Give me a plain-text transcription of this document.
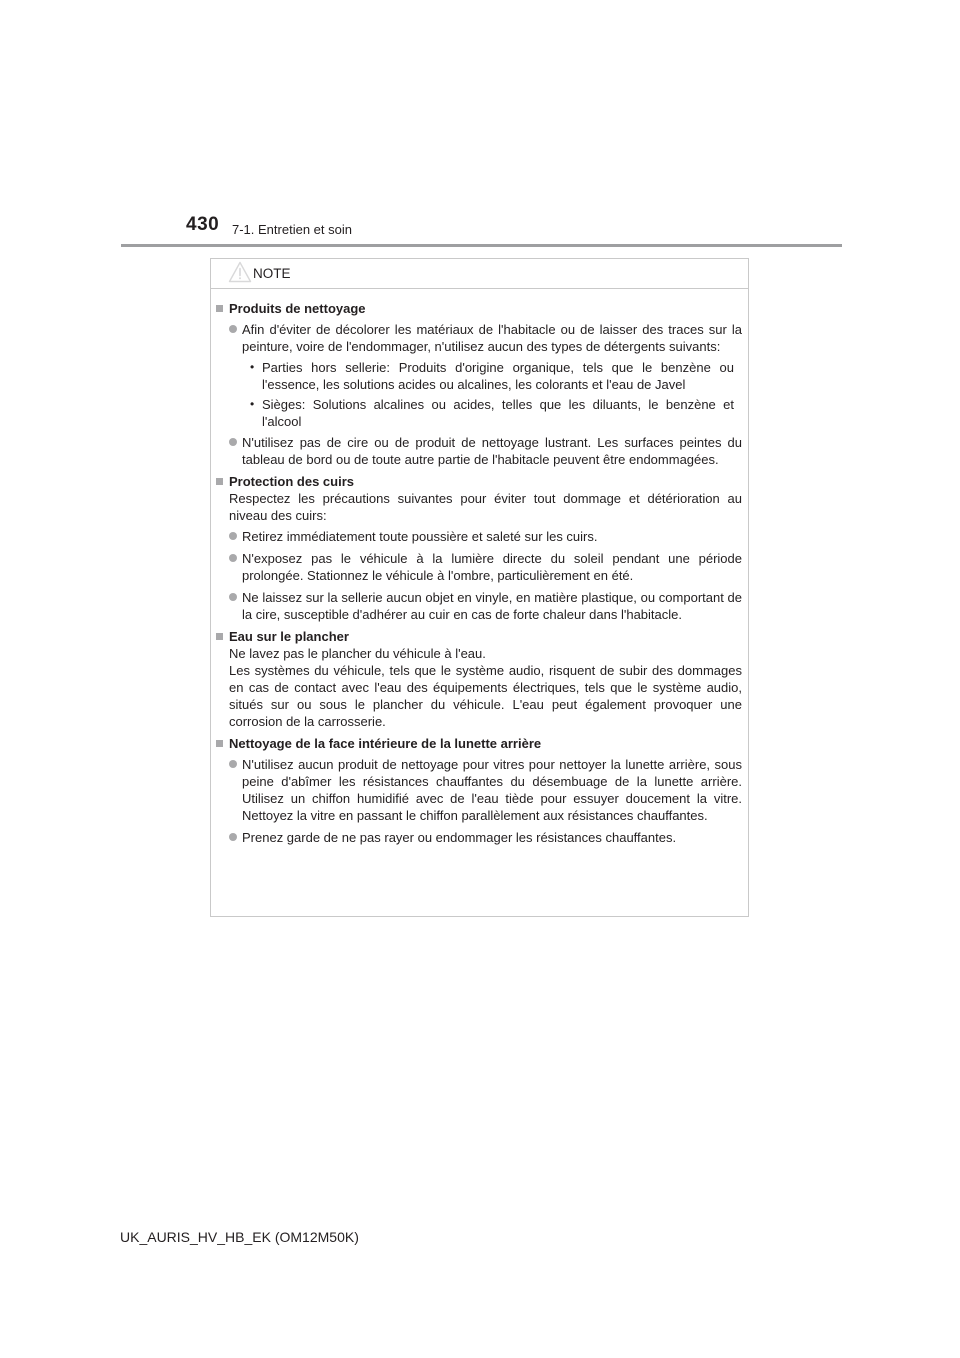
430 7-1. Entretien et soin
NOTE
Produits de nettoyage
Afin d'éviter de décolorer les matériaux de l'habitacle ou de laisser des traces sur la peinture, voire de l'endommager, n'utilisez aucun des types de détergents suivants:
• Parties hors sellerie: Produits d'origine organique, tels que le benzène ou l'essence, les solutions acides ou alcalines, les colorants et l'eau de Javel
• Sièges: Solutions alcalines ou acides, telles que les diluants, le benzène et l'alcool
N'utilisez pas de cire ou de produit de nettoyage lustrant. Les surfaces peintes du tableau de bord ou de toute autre partie de l'habitacle peuvent être endommagées.
Protection des cuirs
Respectez les précautions suivantes pour éviter tout dommage et détérioration au niveau des cuirs:
Retirez immédiatement toute poussière et saleté sur les cuirs.
N'exposez pas le véhicule à la lumière directe du soleil pendant une période prolongée. Stationnez le véhicule à l'ombre, particulièrement en été.
Ne laissez sur la sellerie aucun objet en vinyle, en matière plastique, ou comportant de la cire, susceptible d'adhérer au cuir en cas de forte chaleur dans l'habitacle.
Eau sur le plancher
Ne lavez pas le plancher du véhicule à l'eau.
Les systèmes du véhicule, tels que le système audio, risquent de subir des dommages en cas de contact avec l'eau des équipements électriques, tels que le système audio, situés sur ou sous le plancher du véhicule. L'eau peut également provoquer une corrosion de la carrosserie.
Nettoyage de la face intérieure de la lunette arrière
N'utilisez aucun produit de nettoyage pour vitres pour nettoyer la lunette arrière, sous peine d'abîmer les résistances chauffantes du désembuage de la lunette arrière. Utilisez un chiffon humidifié avec de l'eau tiède pour essuyer doucement la vitre. Nettoyez la vitre en passant le chiffon parallèlement aux résistances chauffantes.
Prenez garde de ne pas rayer ou endommager les résistances chauffantes.
UK_AURIS_HV_HB_EK (OM12M50K)
